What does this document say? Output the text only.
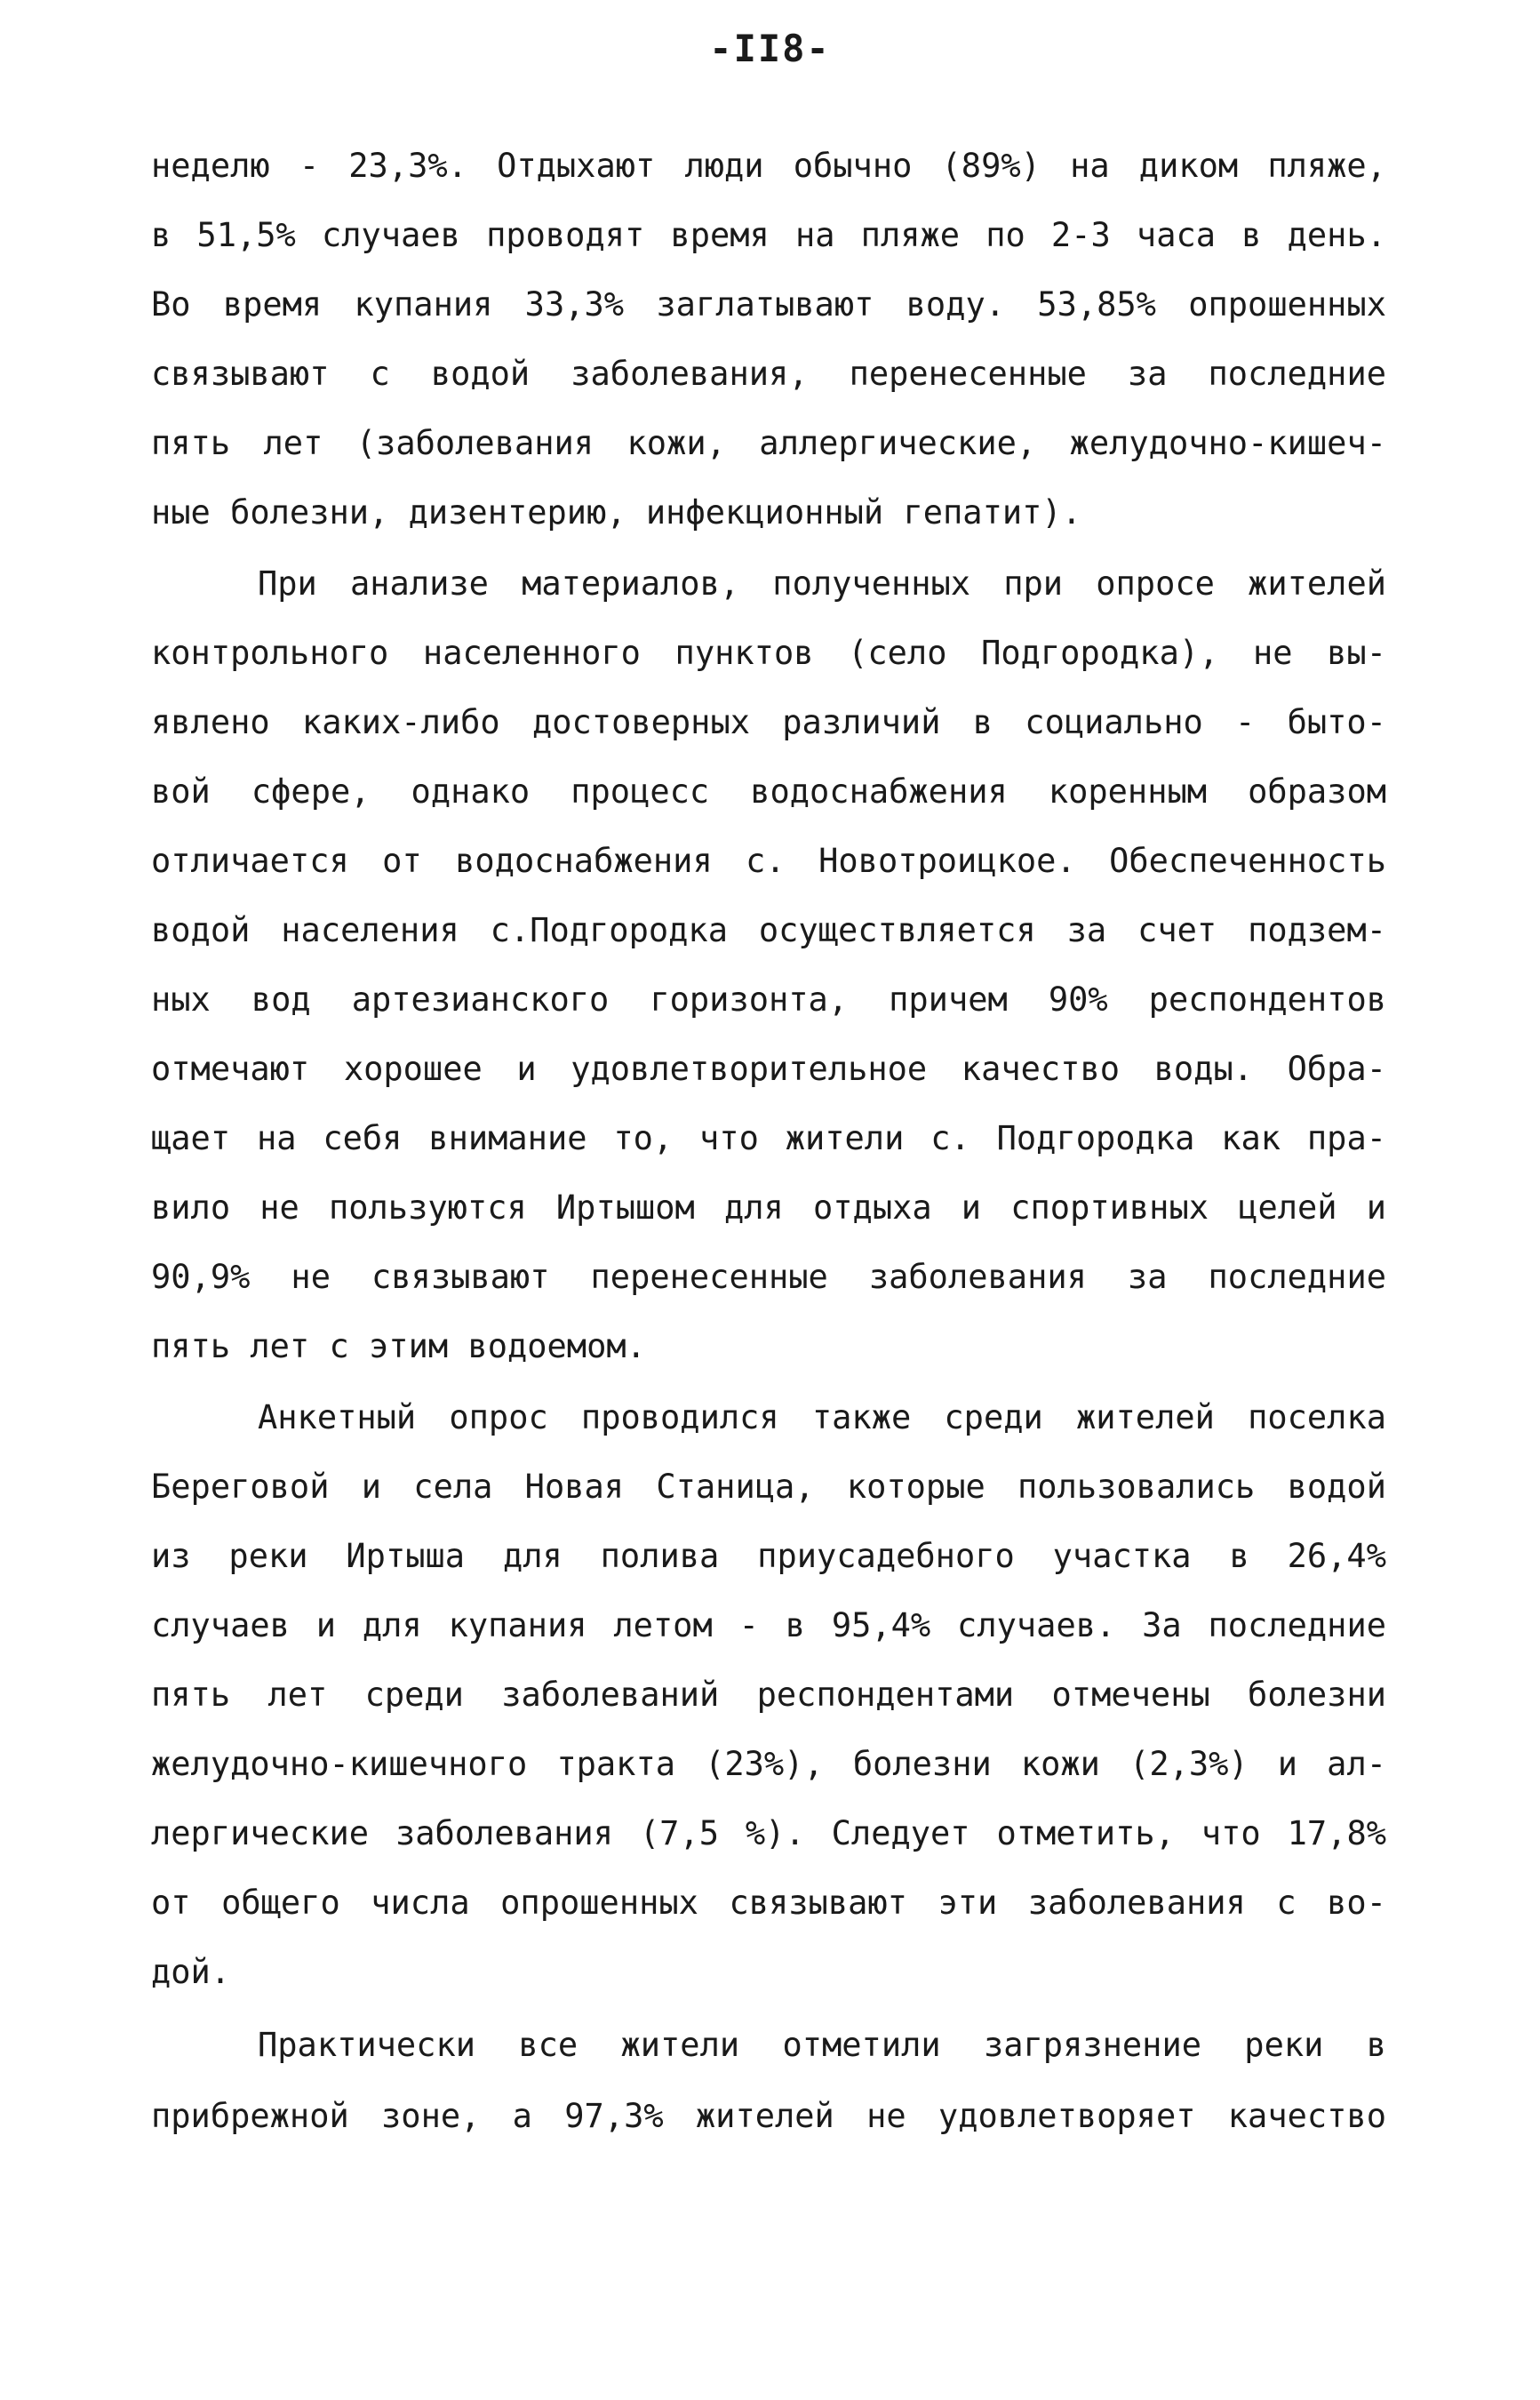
-II8-
неделю - 23,3%. Отдыхают люди обычно (89%) на диком пляже,
в 51,5% случаев проводят время на пляже по 2-3 часа в день.
Во время купания 33,3% заглатывают воду. 53,85% опрошенных
связывают с водой заболевания, перенесенные за последние
пять лет (заболевания кожи, аллергические, желудочно-кишеч-
ные болезни, дизентерию, инфекционный гепатит).
При анализе материалов, полученных при опросе жителей
контрольного населенного пунктов (село Подгородка), не вы-
явлено каких-либо достоверных различий в социально - быто-
вой сфере, однако процесс водоснабжения коренным образом
отличается от водоснабжения с. Новотроицкое. Обеспеченность
водой населения с.Подгородка осуществляется за счет подзем-
ных вод артезианского горизонта, причем 90% респондентов
отмечают хорошее и удовлетворительное качество воды. Обра-
щает на себя внимание то, что жители с. Подгородка как пра-
вило не пользуются Иртышом для отдыха и спортивных целей и
90,9% не связывают перенесенные заболевания за последние
пять лет с этим водоемом.
Анкетный опрос проводился также среди жителей поселка
Береговой и села Новая Станица, которые пользовались водой
из реки Иртыша для полива приусадебного участка в 26,4%
случаев и для купания летом - в 95,4% случаев. За последние
пять лет среди заболеваний респондентами отмечены болезни
желудочно-кишечного тракта (23%), болезни кожи (2,3%) и ал-
лергические заболевания (7,5 %). Следует отметить, что 17,8%
от общего числа опрошенных связывают эти заболевания с во-
дой.
Практически все жители отметили загрязнение реки в
прибрежной зоне, а 97,3% жителей не удовлетворяет качество
